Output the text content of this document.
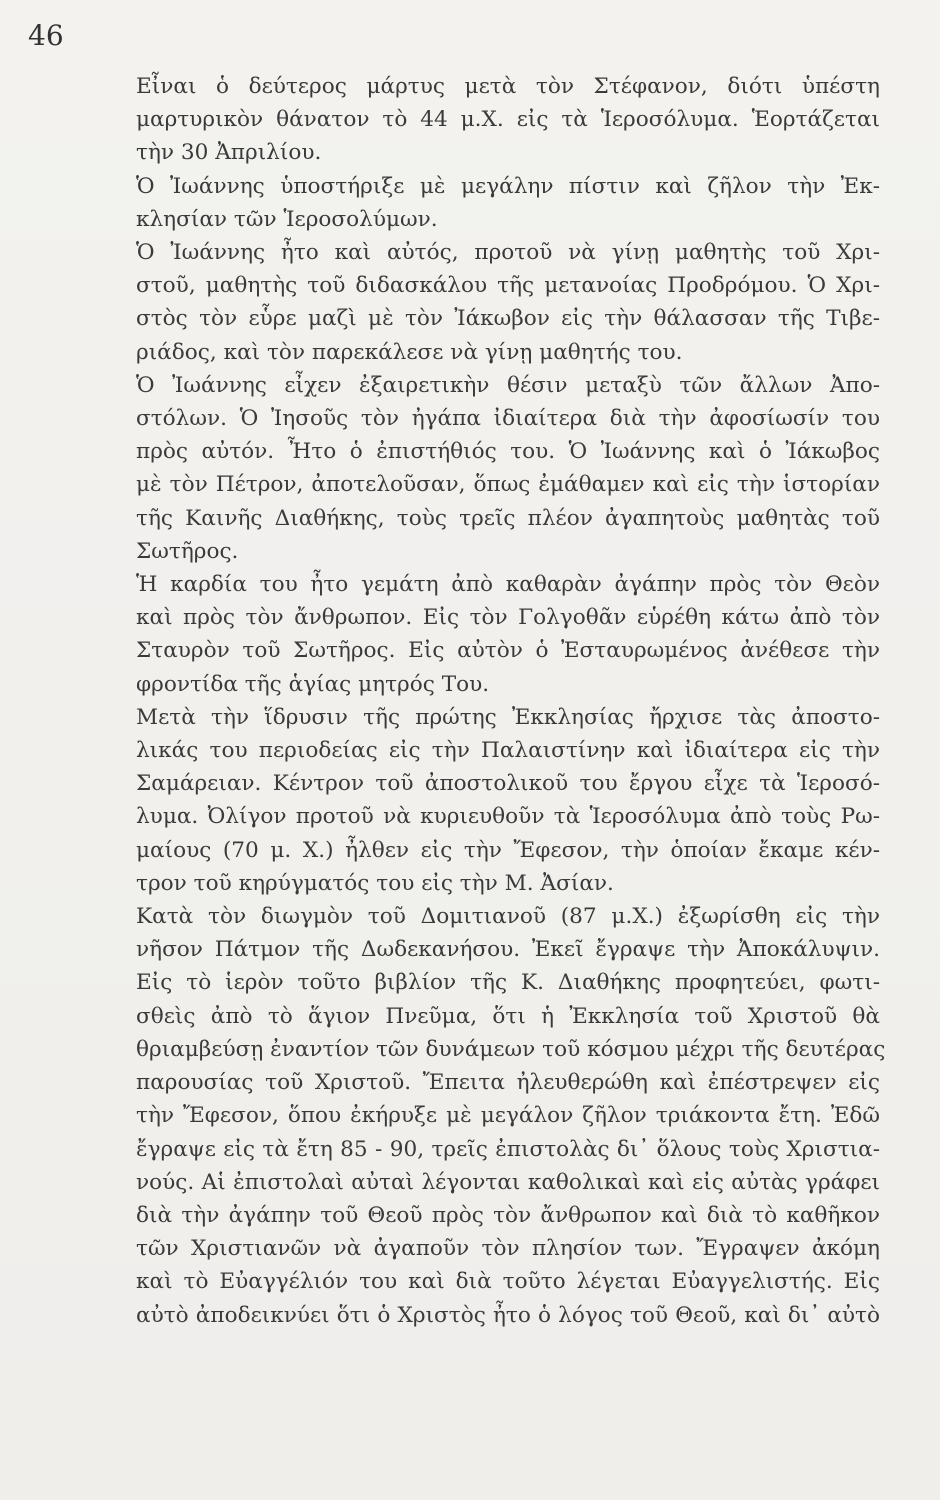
46

Εἶναι ὁ δεύτερος μάρτυς μετὰ τὸν Στέφανον, διότι ὑπέστη
μαρτυρικὸν θάνατον τὸ 44 μ.Χ. εἰς τὰ Ἱεροσόλυμα. Ἑορτάζεται
τὴν 30 Ἀπριλίου.

Ὁ Ἰωάννης ὑποστήριξε μὲ μεγάλην πίστιν καὶ ζῆλον τὴν Ἐκ-
κλησίαν τῶν Ἱεροσολύμων.

Ὁ Ἰωάννης ἦτο καὶ αὐτός, προτοῦ νὰ γίνῃ μαθητὴς τοῦ Χρι-
στοῦ, μαθητὴς τοῦ διδασκάλου τῆς μετανοίας Προδρόμου. Ὁ Χρι-
στὸς τὸν εὗρε μαζὶ μὲ τὸν Ἰάκωβον εἰς τὴν θάλασσαν τῆς Τιβε-
ριάδος, καὶ τὸν παρεκάλεσε νὰ γίνῃ μαθητής του.

Ὁ Ἰωάννης εἶχεν ἐξαιρετικὴν θέσιν μεταξὺ τῶν ἄλλων Ἀπο-
στόλων. Ὁ Ἰησοῦς τὸν ἠγάπα ἰδιαίτερα διὰ τὴν ἀφοσίωσίν του
πρὸς αὐτόν. Ἦτο ὁ ἐπιστήθιός του. Ὁ Ἰωάννης καὶ ὁ Ἰάκωβος
μὲ τὸν Πέτρον, ἀποτελοῦσαν, ὅπως ἐμάθαμεν καὶ εἰς τὴν ἱστορίαν
τῆς Καινῆς Διαθήκης, τοὺς τρεῖς πλέον ἀγαπητοὺς μαθητὰς τοῦ
Σωτῆρος.

Ἡ καρδία του ἦτο γεμάτη ἀπὸ καθαρὰν ἀγάπην πρὸς τὸν Θεὸν
καὶ πρὸς τὸν ἄνθρωπον. Εἰς τὸν Γολγοθᾶν εὑρέθη κάτω ἀπὸ τὸν
Σταυρὸν τοῦ Σωτῆρος. Εἰς αὐτὸν ὁ Ἐσταυρωμένος ἀνέθεσε τὴν
φροντίδα τῆς ἁγίας μητρός Του.

Μετὰ τὴν ἵδρυσιν τῆς πρώτης Ἐκκλησίας ἤρχισε τὰς ἀποστο-
λικάς του περιοδείας εἰς τὴν Παλαιστίνην καὶ ἰδιαίτερα εἰς τὴν
Σαμάρειαν. Κέντρον τοῦ ἀποστολικοῦ του ἔργου εἶχε τὰ Ἱεροσό-
λυμα. Ὀλίγον προτοῦ νὰ κυριευθοῦν τὰ Ἱεροσόλυμα ἀπὸ τοὺς Ρω-
μαίους (70 μ. Χ.) ἦλθεν εἰς τὴν Ἔφεσον, τὴν ὁποίαν ἔκαμε κέν-
τρον τοῦ κηρύγματός του εἰς τὴν Μ. Ἀσίαν.

Κατὰ τὸν διωγμὸν τοῦ Δομιτιανοῦ (87 μ.Χ.) ἐξωρίσθη εἰς τὴν
νῆσον Πάτμον τῆς Δωδεκανήσου. Ἐκεῖ ἔγραψε τὴν Ἀποκάλυψιν.
Εἰς τὸ ἱερὸν τοῦτο βιβλίον τῆς Κ. Διαθήκης προφητεύει, φωτι-
σθεὶς ἀπὸ τὸ ἅγιον Πνεῦμα, ὅτι ἡ Ἐκκλησία τοῦ Χριστοῦ θὰ
θριαμβεύσῃ ἐναντίον τῶν δυνάμεων τοῦ κόσμου μέχρι τῆς δευτέρας
παρουσίας τοῦ Χριστοῦ. Ἔπειτα ἠλευθερώθη καὶ ἐπέστρεψεν εἰς
τὴν Ἔφεσον, ὅπου ἐκήρυξε μὲ μεγάλον ζῆλον τριάκοντα ἔτη. Ἐδῶ
ἔγραψε εἰς τὰ ἔτη 85 - 90, τρεῖς ἐπιστολὰς δι᾽ ὅλους τοὺς Χριστια-
νούς. Αἱ ἐπιστολαὶ αὐταὶ λέγονται καθολικαὶ καὶ εἰς αὐτὰς γράφει
διὰ τὴν ἀγάπην τοῦ Θεοῦ πρὸς τὸν ἄνθρωπον καὶ διὰ τὸ καθῆκον
τῶν Χριστιανῶν νὰ ἀγαποῦν τὸν πλησίον των. Ἔγραψεν ἀκόμη
καὶ τὸ Εὐαγγέλιόν του καὶ διὰ τοῦτο λέγεται Εὐαγγελιστής. Εἰς
αὐτὸ ἀποδεικνύει ὅτι ὁ Χριστὸς ἦτο ὁ λόγος τοῦ Θεοῦ, καὶ δι᾽ αὐτὸ
